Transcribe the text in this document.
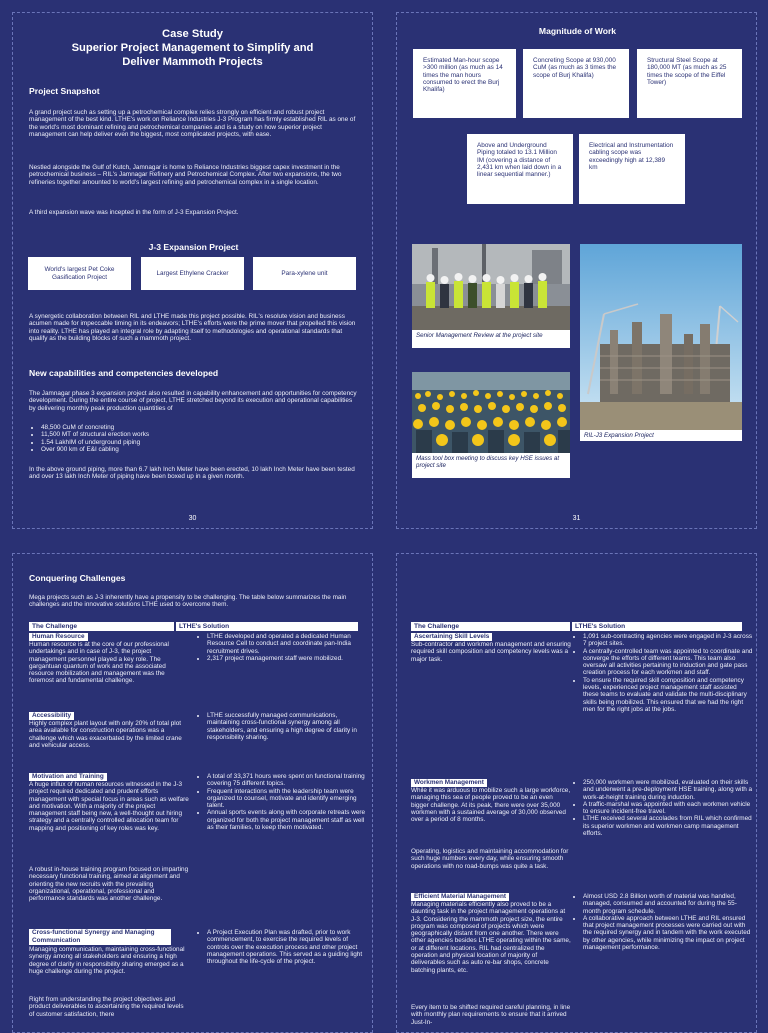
Case Study
Superior Project Management to Simplify and
Deliver Mammoth Projects
Project Snapshot

A grand project such as setting up a petrochemical complex relies strongly on efficient and robust project management of the best kind. LTHE's work on Reliance Industries J-3 Program has firmly established RIL as one of the world's most dominant refining and petrochemical companies and is a study on how superior project management can help deliver even the biggest, most complicated projects, with ease.

Nestled alongside the Gulf of Kutch, Jamnagar is home to Reliance Industries biggest capex investment in the petrochemical business – RIL's Jamnagar Refinery and Petrochemical Complex. After two expansions, the two refineries together amounted to world's largest refining and petrochemical complex in a single location.

A third expansion wave was incepted in the form of J-3 Expansion Project.

J-3 Expansion Project
World's largest Pet Coke Gasification Project
Largest Ethylene Cracker	Para-xylene unit

A synergetic collaboration between RIL and LTHE made this project possible. RIL's resolute vision and business acumen made for impeccable timing in its endeavors; LTHE's efforts were the prime mover that propelled this vision into reality. LTHE has played an integral role by adapting itself to methodologies and operational standards that qualify as the building blocks of such a mammoth project.

New capabilities and competencies developed

The Jamnagar phase 3 expansion project also resulted in capability enhancement and opportunities for competency development. During the entire course of project, LTHE stretched beyond its execution and operational capabilities by delivering monthly peak production quantities of

• 48,500 CuM of concreting
• 11,500 MT of structural erection works
• 1.54 LakhIM of underground piping
• Over 900 km of E&I cabling

In the above ground piping, more than 6.7 lakh Inch Meter have been erected, 10 lakh Inch Meter have been tested and over 13 lakh Inch Meter of piping have been boxed up in a given month.

30
Magnitude of Work
Estimated Man-hour scope >300 million (as much as 14 times the man hours consumed to erect the Burj Khalifa)
Concreting Scope at 930,000 CuM (as much as 3 times the scope of Burj Khalifa)
Structural Steel Scope at 180,000 MT (as much as 25 times the scope of the Eiffel Tower)
Above and Underground Piping totaled to 13.1 Million IM (covering a distance of 2,431 km when laid down in a linear sequential manner.)
Electrical and Instrumentation cabling scope was exceedingly high at 12,389 km
Senior Management Review at the project site
RIL-J3 Expansion Project
Mass tool box meeting to discuss key HSE issues at project site
31
Conquering Challenges

Mega projects such as J-3 inherently have a propensity to be challenging. The table below summarizes the main challenges and the innovative solutions LTHE used to overcome them.

The Challenge	LTHE's Solution
Human Resource

Human resource is at the core of our professional undertakings and in case of J-3, the project management personnel played a key role. The gargantuan quantum of work and the associated resource mobilization and management was the foremost and fundamental challenge.

• LTHE developed and operated a dedicated Human Resource Cell to conduct and coordinate pan-India recruitment drives.
• 2,317 project management staff were mobilized.
Accessibility

Highly complex plant layout with only 20% of total plot area available for construction operations was a challenge which was exacerbated by the limited crane and vehicular access.

• LTHE successfully managed communications, maintaining cross-functional synergy among all stakeholders, and ensuring a high degree of clarity in responsibility sharing.
Motivation and Training

A huge influx of human resources witnessed in the J-3 project required dedicated and prudent efforts management with special focus in areas such as welfare and motivation. With a majority of the project management staff being new, a well-thought out hiring strategy and a centrally controlled allocation team for mapping and positioning of key roles was key.

A robust in-house training program focused on imparting necessary functional training, aimed at alignment and orienting the new recruits with the prevailing organizational, operational, professional and performance standards was another challenge.

• A total of 33,371 hours were spent on functional training covering 75 different topics.
• Frequent interactions with the leadership team were organized to counsel, motivate and identify emerging talent.
• Annual sports events along with corporate retreats were organized for both the project management staff as well as their families, to keep them motivated.
Cross-functional Synergy and Managing Communication

Managing communication, maintaining cross-functional synergy among all stakeholders and ensuring a high degree of clarity in responsibility sharing emerged as a huge challenge during the project.

Right from understanding the project objectives and product deliverables to ascertaining the required levels of customer satisfaction, there

• A Project Execution Plan was drafted, prior to work commencement, to exercise the required levels of controls over the execution process and other project management operations. This served as a guiding light throughout the life-cycle of the project.
The Challenge	LTHE's Solution
Ascertaining Skill Levels

Sub-contractor and workmen management and ensuring required skill composition and competency levels was a major task.

• 1,091 sub-contracting agencies were engaged in J-3 across 7 project sites.
• A centrally-controlled team was appointed to coordinate and converge the efforts of different teams. This team also oversaw all activities pertaining to induction and gate pass creation process for each workmen and staff.
• To ensure the required skill composition and competency levels, experienced project management staff assisted these teams to evaluate and validate the multi-disciplinary skills being mobilized. This ensured that we had the right men for the right jobs at the jobs.
Workmen Management

While it was arduous to mobilize such a large workforce, managing this sea of people proved to be an even bigger challenge. At its peak, there were over 35,000 workmen with a sustained average of 30,000 observed over a period of 8 months.

Operating, logistics and maintaining accommodation for such huge numbers every day, while ensuring smooth operations with no road-bumps was quite a task.

• 250,000 workmen were mobilized, evaluated on their skills and underwent a pre-deployment HSE training, along with a work-at-height training during induction.
• A traffic-marshal was appointed with each workmen vehicle to ensure incident-free travel.
• LTHE received several accolades from RIL which confirmed its superior workmen and workmen camp management efforts.
Efficient Material Management

Managing materials efficiently also proved to be a daunting task in the project management operations at J-3. Considering the mammoth project size, the entire program was composed of projects which were geographically distant from one another. There were other agencies besides LTHE operating within the same, or at different locations. RIL had centralized the operation and physical location of majority of deliverables such as auto re-bar shops, concrete batching plants, etc.

Every item to be shifted required careful planning, in line with monthly plan requirements to ensure that it arrived Just-In-

• Almost USD 2.8 Billion worth of material was handled, managed, consumed and accounted for during the 55-month program schedule.
• A collaborative approach between LTHE and RIL ensured that project management processes were carried out with the required synergy and in tandem with the work executed by other agencies, while minimizing the impact on project management performance.
